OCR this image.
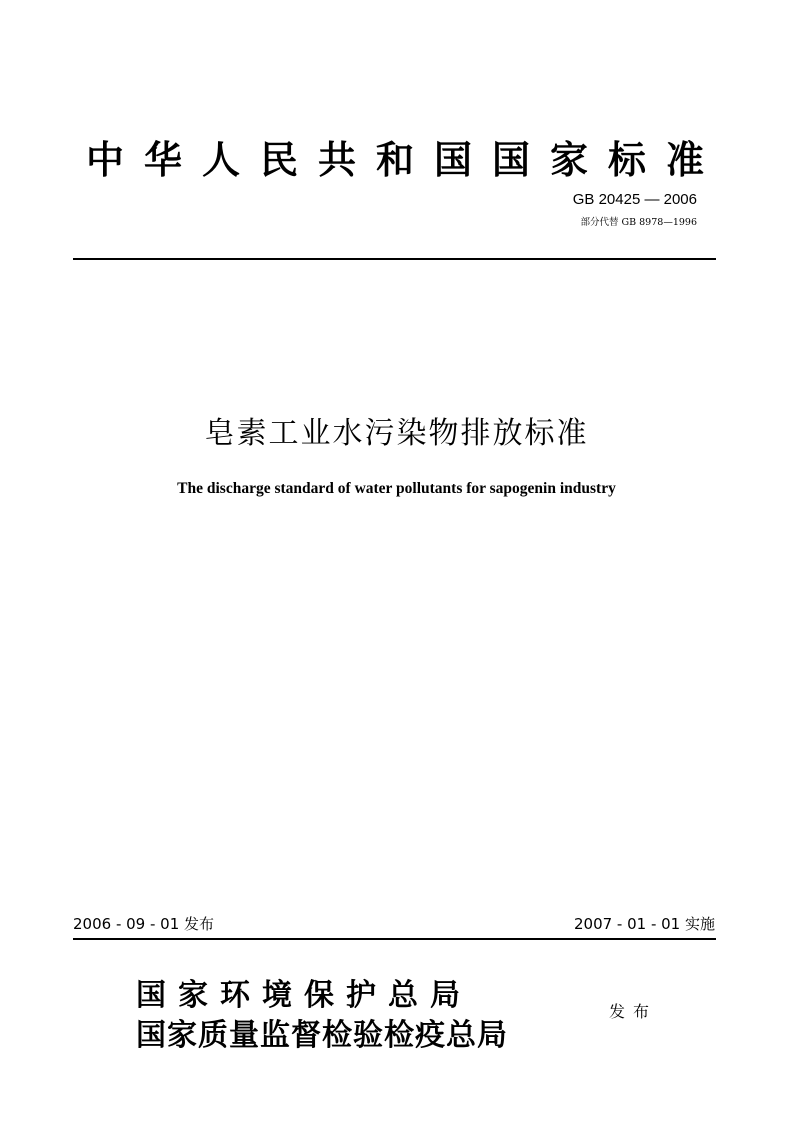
中华人民共和国国家标准
GB 20425 — 2006
部分代替 GB 8978—1996
皂素工业水污染物排放标准
The discharge standard of water pollutants for sapogenin industry
2006 - 09 - 01 发布	2007 - 01 - 01 实施
国家环境保护总局
国家质量监督检验检疫总局
发布
